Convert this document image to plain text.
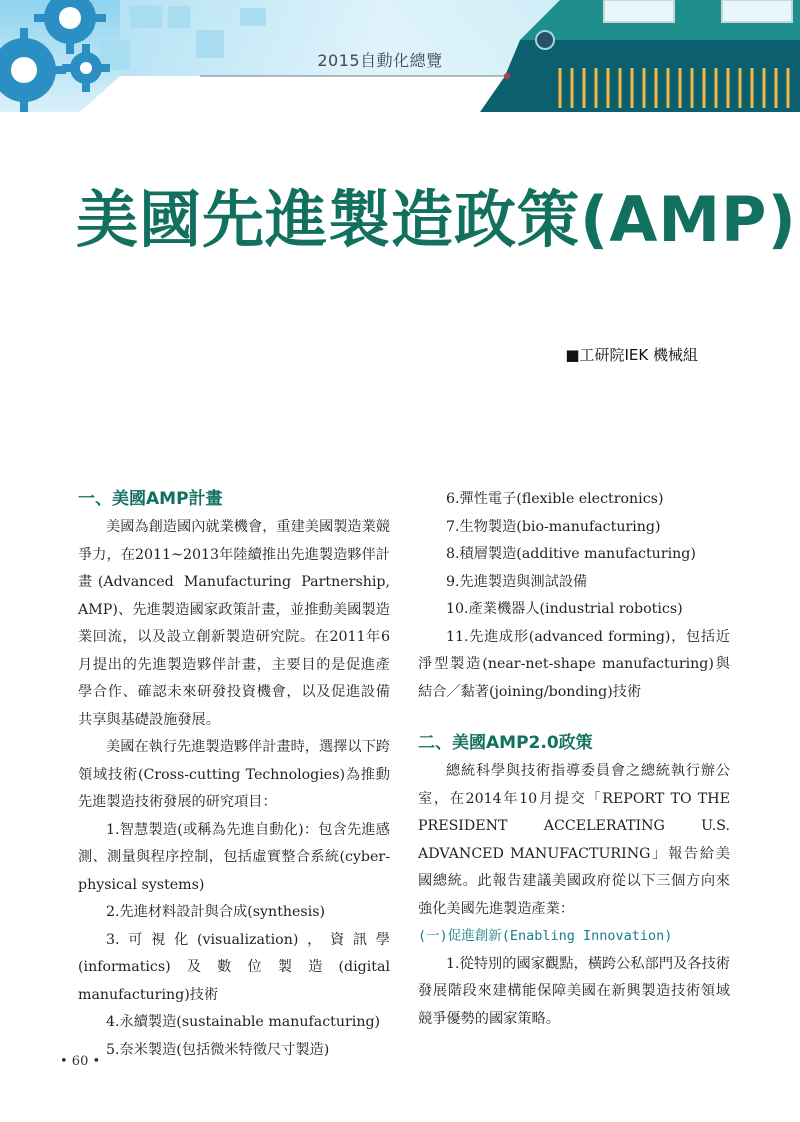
2015自動化總覽
美國先進製造政策(AMP)
■工研院IEK 機械組
一、美國AMP計畫
美國為創造國內就業機會，重建美國製造業競爭力，在2011~2013年陸續推出先進製造夥伴計畫(Advanced Manufacturing Partnership, AMP)、先進製造國家政策計畫，並推動美國製造業回流，以及設立創新製造研究院。在2011年6月提出的先進製造夥伴計畫，主要目的是促進產學合作、確認未來研發投資機會，以及促進設備共享與基礎設施發展。
美國在執行先進製造夥伴計畫時，選擇以下跨領域技術(Cross-cutting Technologies)為推動先進製造技術發展的研究項目：
1.智慧製造(或稱為先進自動化)：包含先進感測、測量與程序控制，包括虛實整合系統(cyber-physical systems)
2.先進材料設計與合成(synthesis)
3.可視化(visualization)，資訊學(informatics)及數位製造(digital manufacturing)技術
4.永續製造(sustainable manufacturing)
5.奈米製造(包括微米特徵尺寸製造)
6.彈性電子(flexible electronics)
7.生物製造(bio-manufacturing)
8.積層製造(additive manufacturing)
9.先進製造與測試設備
10.產業機器人(industrial robotics)
11.先進成形(advanced forming)，包括近淨型製造(near-net-shape manufacturing)與結合／黏著(joining/bonding)技術
二、美國AMP2.0政策
總統科學與技術指導委員會之總統執行辦公室，在2014年10月提交「REPORT TO THE PRESIDENT ACCELERATING U.S. ADVANCED MANUFACTURING」報告給美國總統。此報告建議美國政府從以下三個方向來強化美國先進製造產業：
(一)促進創新(Enabling Innovation)
1.從特別的國家觀點，橫跨公私部門及各技術發展階段來建構能保障美國在新興製造技術領域競爭優勢的國家策略。
• 60 •
